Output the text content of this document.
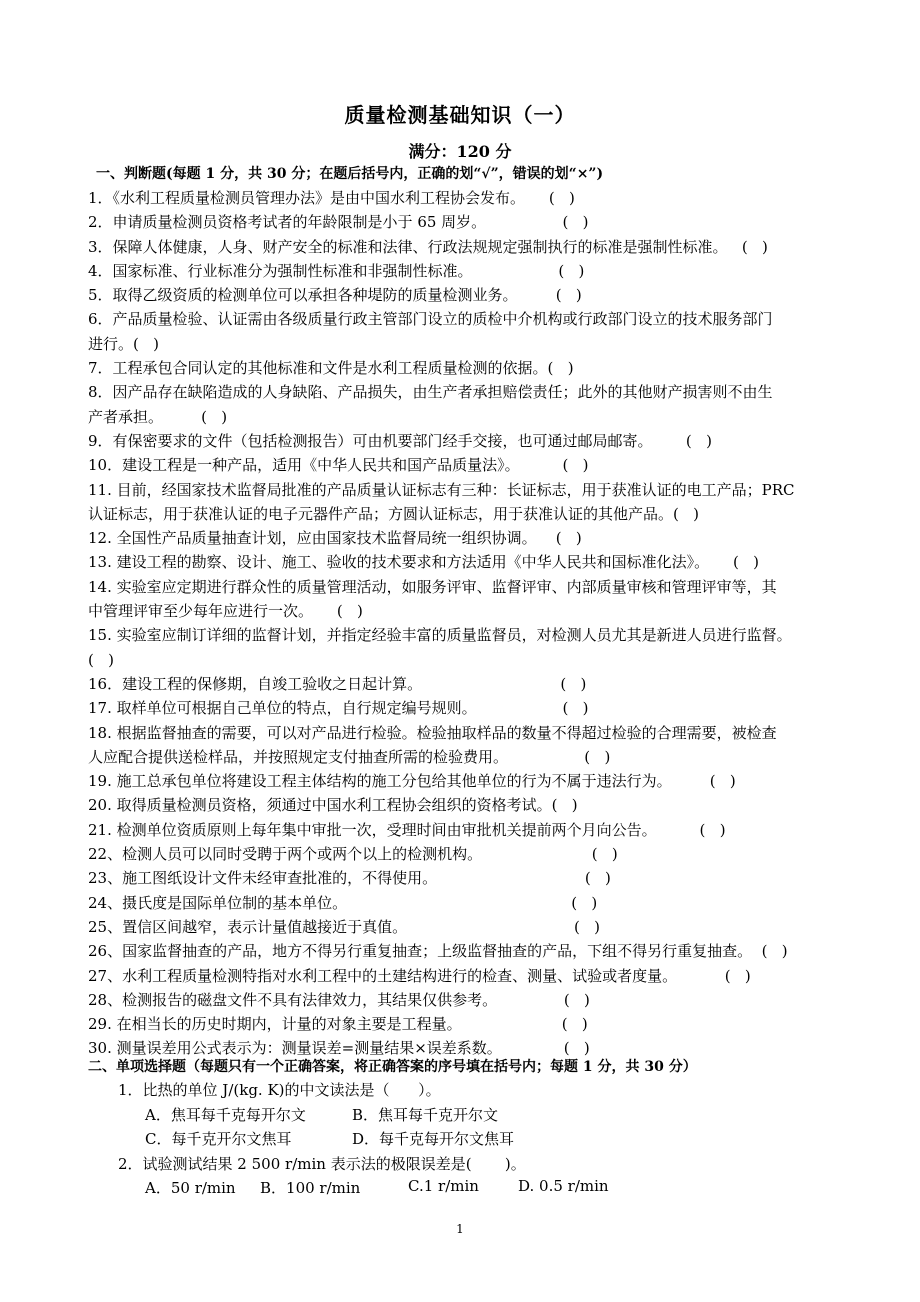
质量检测基础知识（一）
满分：120 分
一、判断题(每题 1 分，共 30 分；在题后括号内，正确的划“√”，错误的划“×”)
1．《水利工程质量检测员管理办法》是由中国水利工程协会发布。     (   )
2．申请质量检测员资格考试者的年龄限制是小于 65 周岁。                (   )
3．保障人体健康，人身、财产安全的标准和法律、行政法规规定强制执行的标准是强制性标准。   (   )
4．国家标准、行业标准分为强制性标准和非强制性标准。                  (   )
5．取得乙级资质的检测单位可以承担各种堤防的质量检测业务。        (   )
6．产品质量检验、认证需由各级质量行政主管部门设立的质检中介机构或行政部门设立的技术服务部门
进行。(   )
7．工程承包合同认定的其他标准和文件是水利工程质量检测的依据。(   )
8．因产品存在缺陷造成的人身缺陷、产品损失，由生产者承担赔偿责任；此外的其他财产损害则不由生
产者承担。        (   )
9．有保密要求的文件（包括检测报告）可由机要部门经手交接，也可通过邮局邮寄。       (   )
10．建设工程是一种产品，适用《中华人民共和国产品质量法》。         (   )
11. 目前，经国家技术监督局批准的产品质量认证标志有三种：长证标志，用于获准认证的电工产品；PRC
认证标志，用于获准认证的电子元器件产品；方圆认证标志，用于获准认证的其他产品。(   )
12. 全国性产品质量抽查计划，应由国家技术监督局统一组织协调。    (   )
13. 建设工程的勘察、设计、施工、验收的技术要求和方法适用《中华人民共和国标准化法》。     (   )
14. 实验室应定期进行群众性的质量管理活动，如服务评审、监督评审、内部质量审核和管理评审等，其
中管理评审至少每年应进行一次。     (   )
15. 实验室应制订详细的监督计划，并指定经验丰富的质量监督员，对检测人员尤其是新进人员进行监督。
(   )
16．建设工程的保修期，自竣工验收之日起计算。                             (   )
17. 取样单位可根据自己单位的特点，自行规定编号规则。                  (   )
18. 根据监督抽查的需要，可以对产品进行检验。检验抽取样品的数量不得超过检验的合理需要，被检查
人应配合提供送检样品，并按照规定支付抽查所需的检验费用。                (   )
19. 施工总承包单位将建设工程主体结构的施工分包给其他单位的行为不属于违法行为。        (   )
20. 取得质量检测员资格，须通过中国水利工程协会组织的资格考试。(   )
21. 检测单位资质原则上每年集中审批一次，受理时间由审批机关提前两个月向公告。         (   )
22、检测人员可以同时受聘于两个或两个以上的检测机构。                       (   )
23、施工图纸设计文件未经审查批准的，不得使用。                               (   )
24、摄氏度是国际单位制的基本单位。                                               (   )
25、置信区间越窄，表示计量值越接近于真值。                                   (   )
26、国家监督抽查的产品，地方不得另行重复抽查；上级监督抽查的产品，下组不得另行重复抽查。  (   )
27、水利工程质量检测特指对水利工程中的土建结构进行的检查、测量、试验或者度量。          (   )
28、检测报告的磁盘文件不具有法律效力，其结果仅供参考。              (   )
29. 在相当长的历史时期内，计量的对象主要是工程量。                     (   )
30. 测量误差用公式表示为：测量误差=测量结果×误差系数。             (   )
二、单项选择题（每题只有一个正确答案，将正确答案的序号填在括号内；每题 1 分，共 30 分）
1．比热的单位 J/(kg. K)的中文读法是（      ）。
A．焦耳每千克每开尔文	B．焦耳每千克开尔文
C．每千克开尔文焦耳	D．每千克每开尔文焦耳
2．试验测试结果 2 500 r/min 表示法的极限误差是(       )。
A．50 r/min B．100 r/min	C.1 r/min	D. 0.5 r/min
1
